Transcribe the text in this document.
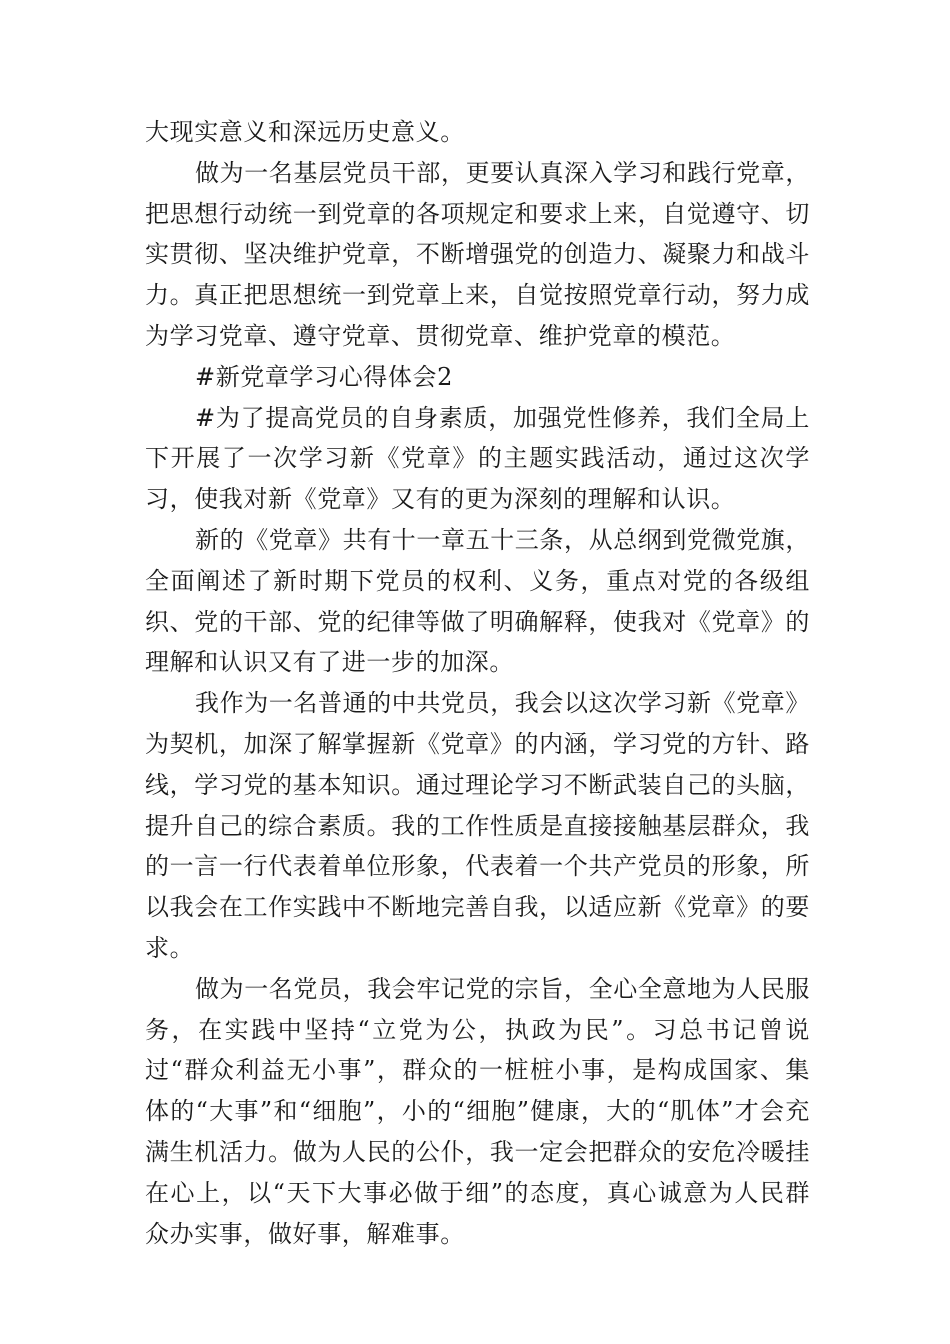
大现实意义和深远历史意义。

做为一名基层党员干部，更要认真深入学习和践行党章，把思想行动统一到党章的各项规定和要求上来，自觉遵守、切实贯彻、坚决维护党章，不断增强党的创造力、凝聚力和战斗力。真正把思想统一到党章上来，自觉按照党章行动，努力成为学习党章、遵守党章、贯彻党章、维护党章的模范。

#新党章学习心得体会2

#为了提高党员的自身素质，加强党性修养，我们全局上下开展了一次学习新《党章》的主题实践活动，通过这次学习，使我对新《党章》又有的更为深刻的理解和认识。

新的《党章》共有十一章五十三条，从总纲到党微党旗，全面阐述了新时期下党员的权利、义务，重点对党的各级组织、党的干部、党的纪律等做了明确解释，使我对《党章》的理解和认识又有了进一步的加深。

我作为一名普通的中共党员，我会以这次学习新《党章》为契机，加深了解掌握新《党章》的内涵，学习党的方针、路线，学习党的基本知识。通过理论学习不断武装自己的头脑，提升自己的综合素质。我的工作性质是直接接触基层群众，我的一言一行代表着单位形象，代表着一个共产党员的形象，所以我会在工作实践中不断地完善自我，以适应新《党章》的要求。

做为一名党员，我会牢记党的宗旨，全心全意地为人民服务，在实践中坚持“立党为公，执政为民”。习总书记曾说过“群众利益无小事”，群众的一桩桩小事，是构成国家、集体的“大事”和“细胞”，小的“细胞”健康，大的“肌体”才会充满生机活力。做为人民的公仆，我一定会把群众的安危冷暖挂在心上，以“天下大事必做于细”的态度，真心诚意为人民群众办实事，做好事，解难事。
